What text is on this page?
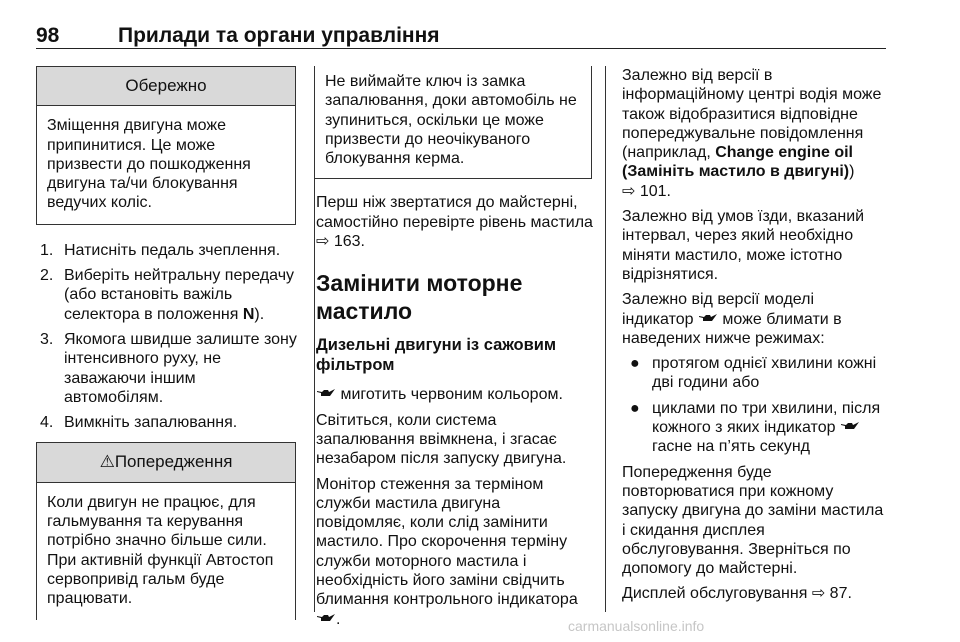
98	Прилади та органи управління
Обережно
Зміщення двигуна може припинитися. Це може призвести до пошкодження двигуна та/чи блокування ведучих коліс.
1. Натисніть педаль зчеплення.
2. Виберіть нейтральну передачу (або встановіть важіль селектора в положення N).
3. Якомога швидше залиште зону інтенсивного руху, не заважаючи іншим автомобілям.
4. Вимкніть запалювання.
⚠Попередження
Коли двигун не працює, для гальмування та керування потрібно значно більше сили. При активній функції Автостоп сервопривід гальм буде працювати.
Не виймайте ключ із замка запалювання, доки автомобіль не зупиниться, оскільки це може призвести до неочікуваного блокування керма.

Перш ніж звертатися до майстерні, самостійно перевірте рівень мастила ⇨ 163.

Замінити моторне мастило
Дизельні двигуни із сажовим фільтром

миготить червоним кольором.

Світиться, коли система запалювання ввімкнена, і згасає незабаром після запуску двигуна.

Монітор стеження за терміном служби мастила двигуна повідомляє, коли слід замінити мастило. Про скорочення терміну служби моторного мастила і необхідність його заміни свідчить блимання контрольного індикатора .

Залежно від версії в інформаційному центрі водія може також відобразитися відповідне попереджувальне повідомлення (наприклад, Change engine oil (Замініть мастило в двигуні))
⇨ 101.

Залежно від умов їзди, вказаний інтервал, через який необхідно міняти мастило, може істотно відрізнятися.

Залежно від версії моделі індикатор може блимати в наведених нижче режимах:

● протягом однієї хвилини кожні дві години або
● циклами по три хвилини, після кожного з яких індикатор  гасне на п’ять секунд

Попередження буде повторюватися при кожному запуску двигуна до заміни мастила і скидання дисплея обслуговування. Зверніться по допомогу до майстерні.

Дисплей обслуговування ⇨ 87.

carmanualsonline.info
